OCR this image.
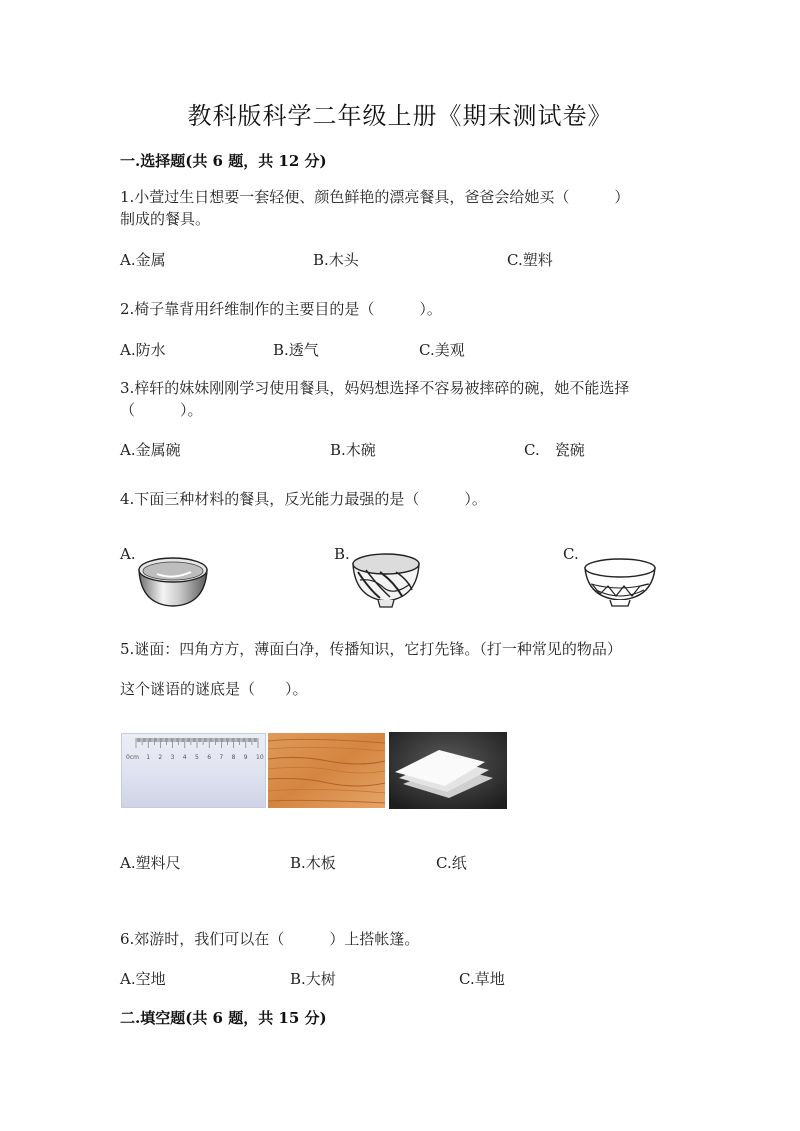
教科版科学二年级上册《期末测试卷》
一.选择题(共 6 题，共 12 分)
1.小萱过生日想要一套轻便、颜色鲜艳的漂亮餐具，爸爸会给她买（　　　）
制成的餐具。
A.金属	B.木头	C.塑料
2.椅子靠背用纤维制作的主要目的是（　　　）。
A.防水	B.透气	C.美观
3.梓轩的妹妹刚刚学习使用餐具，妈妈想选择不容易被摔碎的碗，她不能选择
（　　　）。
A.金属碗	B.木碗	C.　瓷碗
4.下面三种材料的餐具，反光能力最强的是（　　　）。
A.	B.	C.
5.谜面：四角方方，薄面白净，传播知识，它打先锋。（打一种常见的物品）
这个谜语的谜底是（　　）。
0cm 1 2 3 4 5 6 7 8 9 10
A.塑料尺	B.木板	C.纸
6.郊游时，我们可以在（　　　）上搭帐篷。
A.空地	B.大树	C.草地
二.填空题(共 6 题，共 15 分)
